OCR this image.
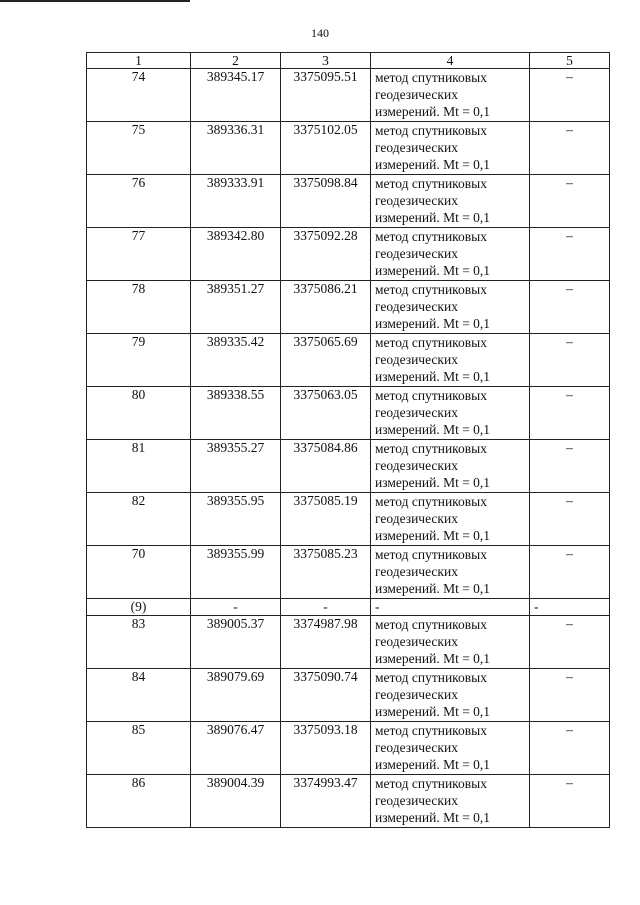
140
1	2	3	4	5
74	389345.17	3375095.51	метод спутниковых
геодезических
измерений. Mt = 0,1	–
75	389336.31	3375102.05	метод спутниковых
геодезических
измерений. Mt = 0,1	–
76	389333.91	3375098.84	метод спутниковых
геодезических
измерений. Mt = 0,1	–
77	389342.80	3375092.28	метод спутниковых
геодезических
измерений. Mt = 0,1	–
78	389351.27	3375086.21	метод спутниковых
геодезических
измерений. Mt = 0,1	–
79	389335.42	3375065.69	метод спутниковых
геодезических
измерений. Mt = 0,1	–
80	389338.55	3375063.05	метод спутниковых
геодезических
измерений. Mt = 0,1	–
81	389355.27	3375084.86	метод спутниковых
геодезических
измерений. Mt = 0,1	–
82	389355.95	3375085.19	метод спутниковых
геодезических
измерений. Mt = 0,1	–
70	389355.99	3375085.23	метод спутниковых
геодезических
измерений. Mt = 0,1	–
(9)	-	-	-	-
83	389005.37	3374987.98	метод спутниковых
геодезических
измерений. Mt = 0,1	–
84	389079.69	3375090.74	метод спутниковых
геодезических
измерений. Mt = 0,1	–
85	389076.47	3375093.18	метод спутниковых
геодезических
измерений. Mt = 0,1	–
86	389004.39	3374993.47	метод спутниковых
геодезических
измерений. Mt = 0,1	–
